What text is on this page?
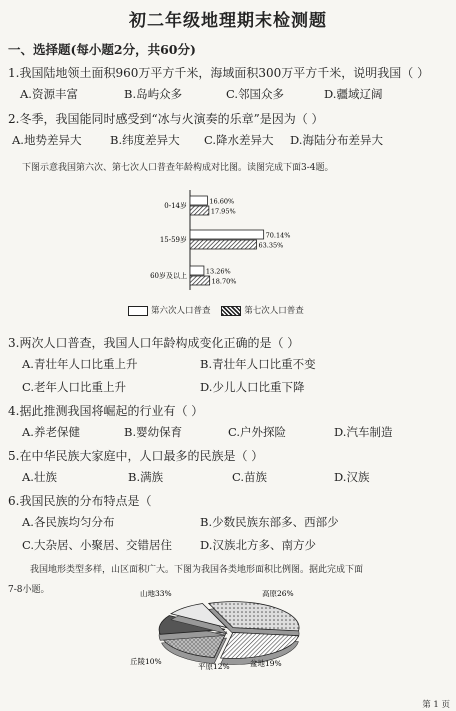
初二年级地理期末检测题
一、选择题(每小题2分，共60分)
1.我国陆地领土面积960万平方千米，海域面积300万平方千米，说明我国（ ）
A.资源丰富	B.岛屿众多	C.邻国众多	D.疆域辽阔
2.冬季，我国能同时感受到“冰与火演奏的乐章”是因为（ ）
A.地势差异大 B.纬度差异大 C.降水差异大 D.海陆分布差异大
下图示意我国第六次、第七次人口普查年龄构成对比图。读图完成下面3-4题。
0-14岁
16.60%
17.95%
15-59岁
70.14%
63.35%
60岁及以上
13.26%
18.70%
第六次人口普查	第七次人口普查
3.两次人口普查，我国人口年龄构成变化正确的是（ ）
A.青壮年人口比重上升	B.青壮年人口比重不变
C.老年人口比重上升	D.少儿人口比重下降
4.据此推测我国将崛起的行业有（ ）
A.养老保健	B.婴幼保育	C.户外探险	D.汽车制造
5.在中华民族大家庭中，人口最多的民族是（ ）
A.壮族	B.满族	C.苗族	D.汉族
6.我国民族的分布特点是（
A.各民族均匀分布	B.少数民族东部多、西部少
C.大杂居、小聚居、交错居住 D.汉族北方多、南方少
我国地形类型多样，山区面积广大。下图为我国各类地形面积比例图。据此完成下面
7-8小题。	山地33%	高原26%
盆地19%
平原12%
丘陵10%
第 1 页
